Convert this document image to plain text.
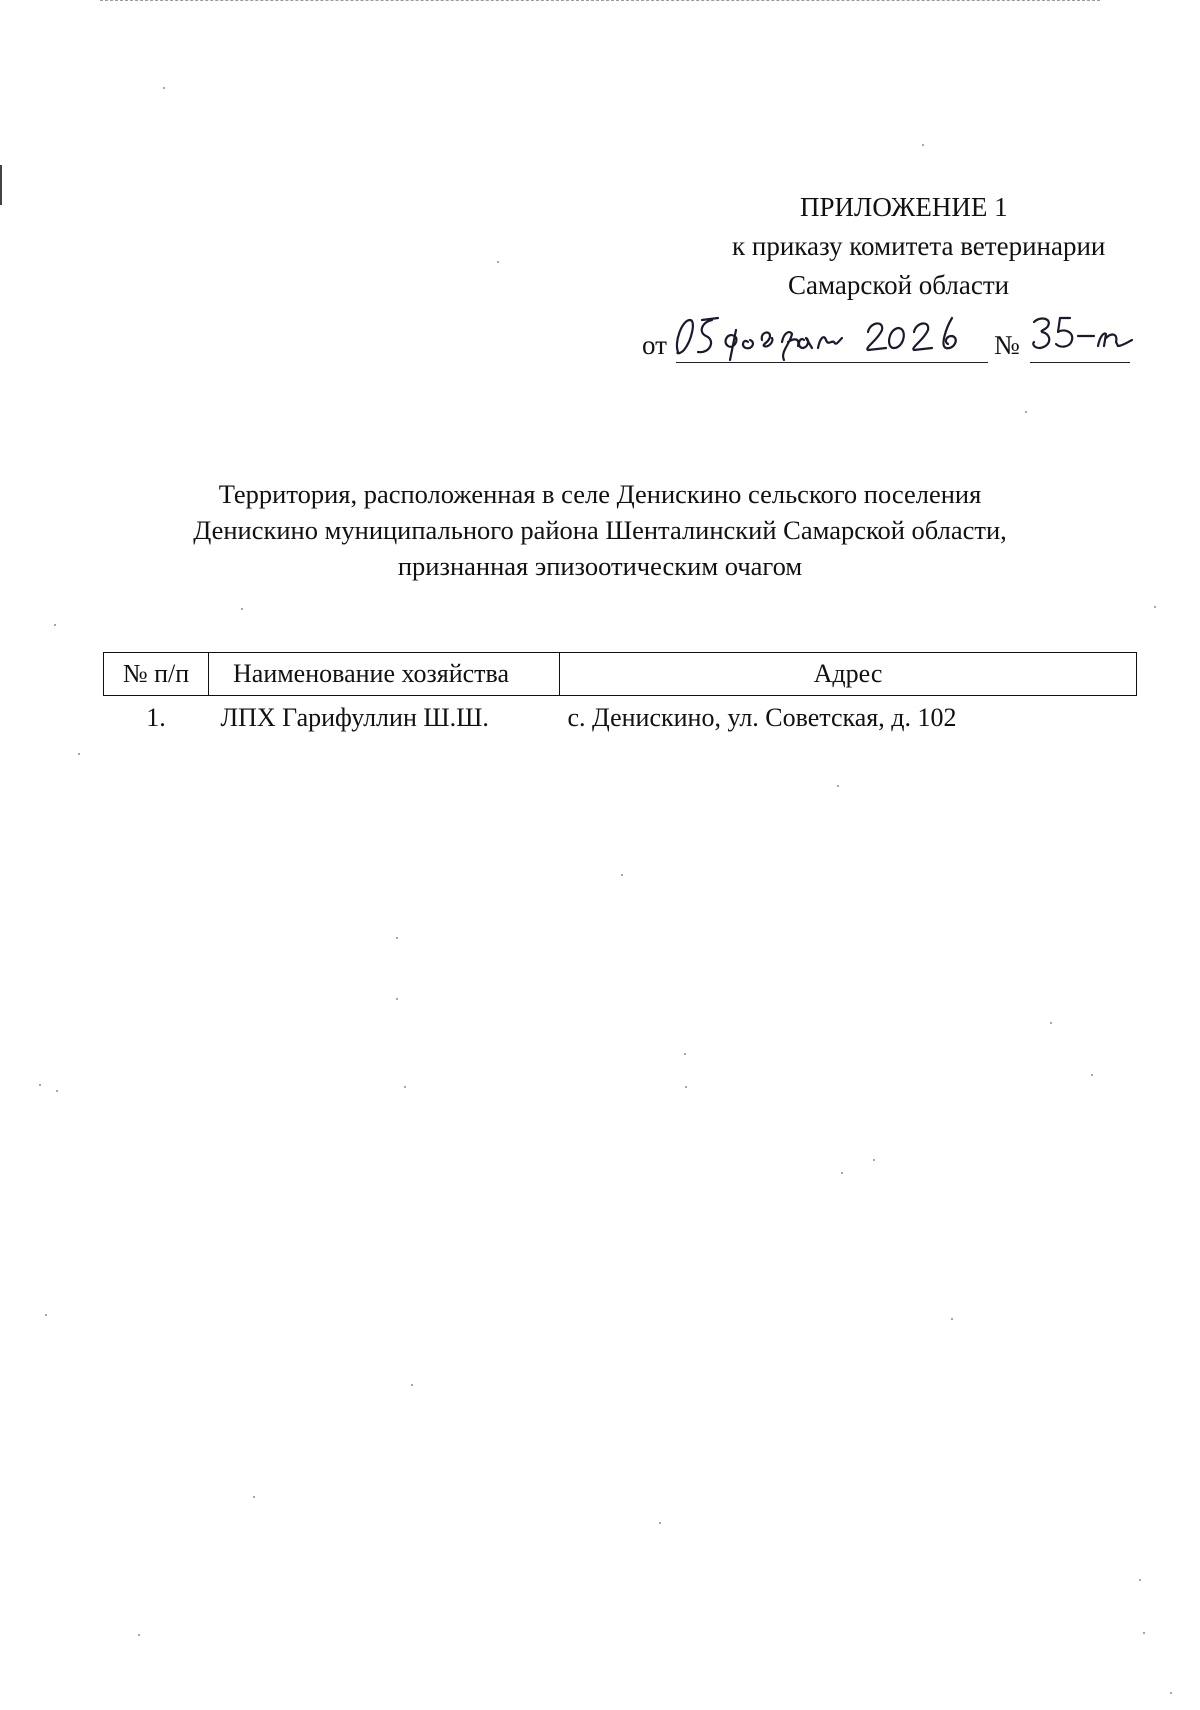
ПРИЛОЖЕНИЕ 1
к приказу комитета ветеринарии
Самарской области
от	№
Территория, расположенная в селе Денискино сельского поселения
Денискино муниципального района Шенталинский Самарской области,
признанная эпизоотическим очагом
№ п/п	Наименование хозяйства	Адрес
1.	ЛПХ Гарифуллин Ш.Ш.	с. Денискино, ул. Советская, д. 102
